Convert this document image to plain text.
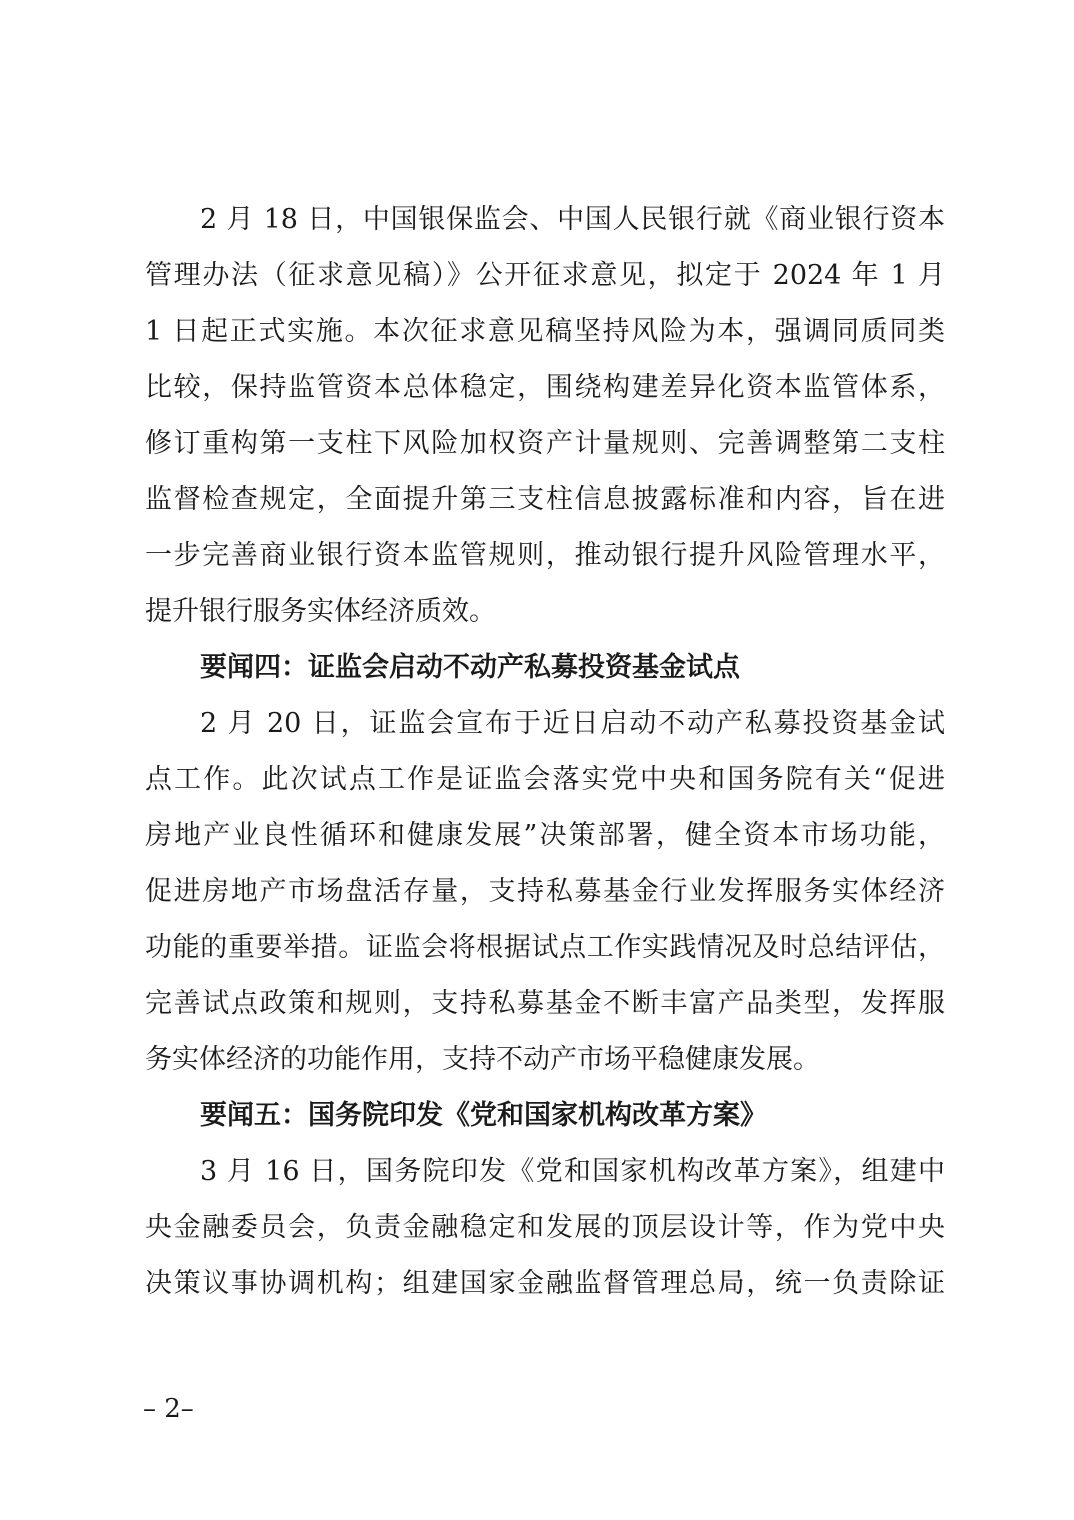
2 月 18 日，中国银保监会、中国人民银行就《商业银行资本
管理办法（征求意见稿）》公开征求意见，拟定于 2024 年 1 月
1 日起正式实施。本次征求意见稿坚持风险为本，强调同质同类
比较，保持监管资本总体稳定，围绕构建差异化资本监管体系，
修订重构第一支柱下风险加权资产计量规则、完善调整第二支柱
监督检查规定，全面提升第三支柱信息披露标准和内容，旨在进
一步完善商业银行资本监管规则，推动银行提升风险管理水平，
提升银行服务实体经济质效。
要闻四：证监会启动不动产私募投资基金试点
2 月 20 日，证监会宣布于近日启动不动产私募投资基金试
点工作。此次试点工作是证监会落实党中央和国务院有关“促进
房地产业良性循环和健康发展”决策部署，健全资本市场功能，
促进房地产市场盘活存量，支持私募基金行业发挥服务实体经济
功能的重要举措。证监会将根据试点工作实践情况及时总结评估，
完善试点政策和规则，支持私募基金不断丰富产品类型，发挥服
务实体经济的功能作用，支持不动产市场平稳健康发展。
要闻五：国务院印发《党和国家机构改革方案》
3 月 16 日，国务院印发《党和国家机构改革方案》，组建中
央金融委员会，负责金融稳定和发展的顶层设计等，作为党中央
决策议事协调机构；组建国家金融监督管理总局，统一负责除证
– 2–
